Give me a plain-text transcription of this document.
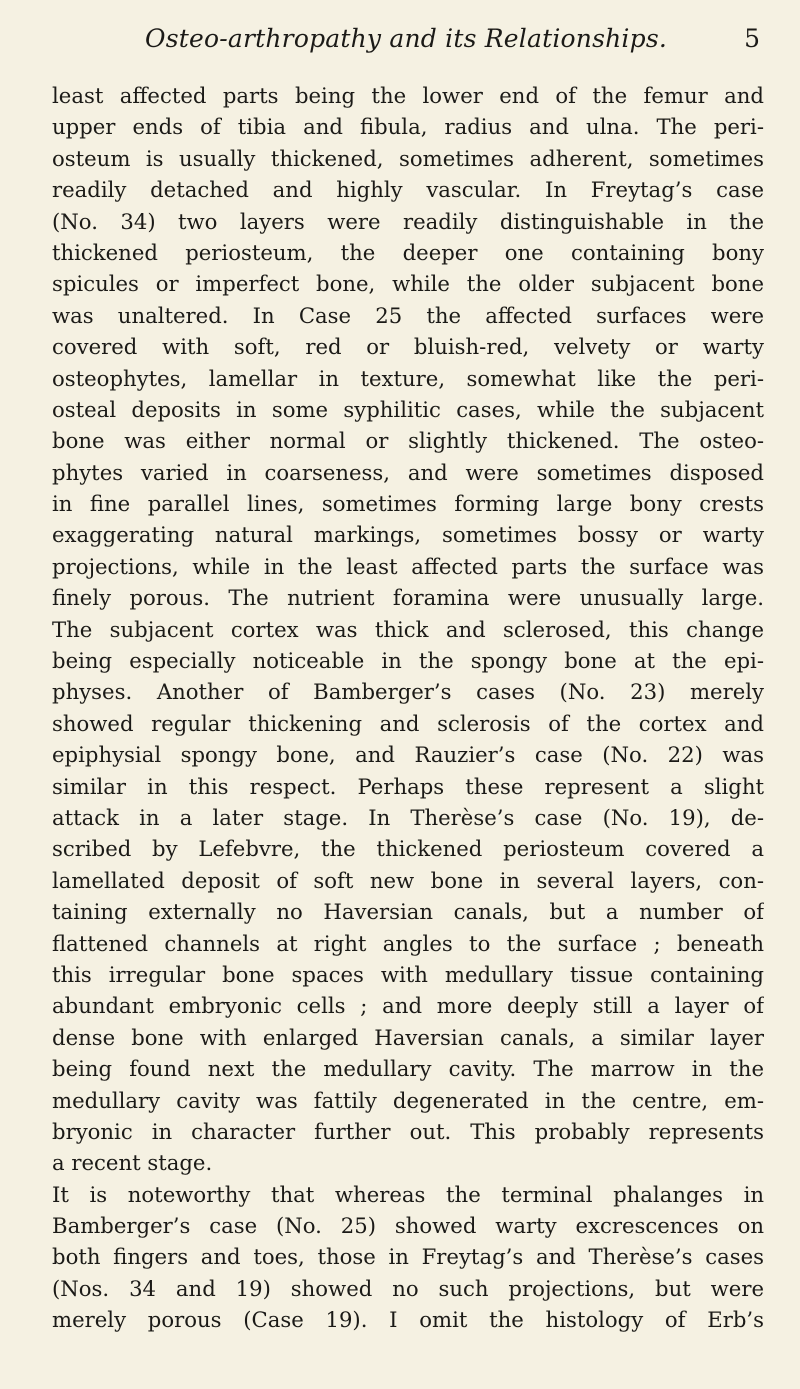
Osteo-arthropathy and its Relationships.	5
least affected parts being the lower end of the femur and
upper ends of tibia and fibula, radius and ulna. The peri-
osteum is usually thickened, sometimes adherent, sometimes
readily detached and highly vascular. In Freytag’s case
(No. 34) two layers were readily distinguishable in the
thickened periosteum, the deeper one containing bony
spicules or imperfect bone, while the older subjacent bone
was unaltered. In Case 25 the affected surfaces were
covered with soft, red or bluish-red, velvety or warty
osteophytes, lamellar in texture, somewhat like the peri-
osteal deposits in some syphilitic cases, while the subjacent
bone was either normal or slightly thickened. The osteo-
phytes varied in coarseness, and were sometimes disposed
in fine parallel lines, sometimes forming large bony crests
exaggerating natural markings, sometimes bossy or warty
projections, while in the least affected parts the surface was
finely porous. The nutrient foramina were unusually large.
The subjacent cortex was thick and sclerosed, this change
being especially noticeable in the spongy bone at the epi-
physes. Another of Bamberger’s cases (No. 23) merely
showed regular thickening and sclerosis of the cortex and
epiphysial spongy bone, and Rauzier’s case (No. 22) was
similar in this respect. Perhaps these represent a slight
attack in a later stage. In Therèse’s case (No. 19), de-
scribed by Lefebvre, the thickened periosteum covered a
lamellated deposit of soft new bone in several layers, con-
taining externally no Haversian canals, but a number of
flattened channels at right angles to the surface ; beneath
this irregular bone spaces with medullary tissue containing
abundant embryonic cells ; and more deeply still a layer of
dense bone with enlarged Haversian canals, a similar layer
being found next the medullary cavity. The marrow in the
medullary cavity was fattily degenerated in the centre, em-
bryonic in character further out. This probably represents
a recent stage.
It is noteworthy that whereas the terminal phalanges in
Bamberger’s case (No. 25) showed warty excrescences on
both fingers and toes, those in Freytag’s and Therèse’s cases
(Nos. 34 and 19) showed no such projections, but were
merely porous (Case 19). I omit the histology of Erb’s
